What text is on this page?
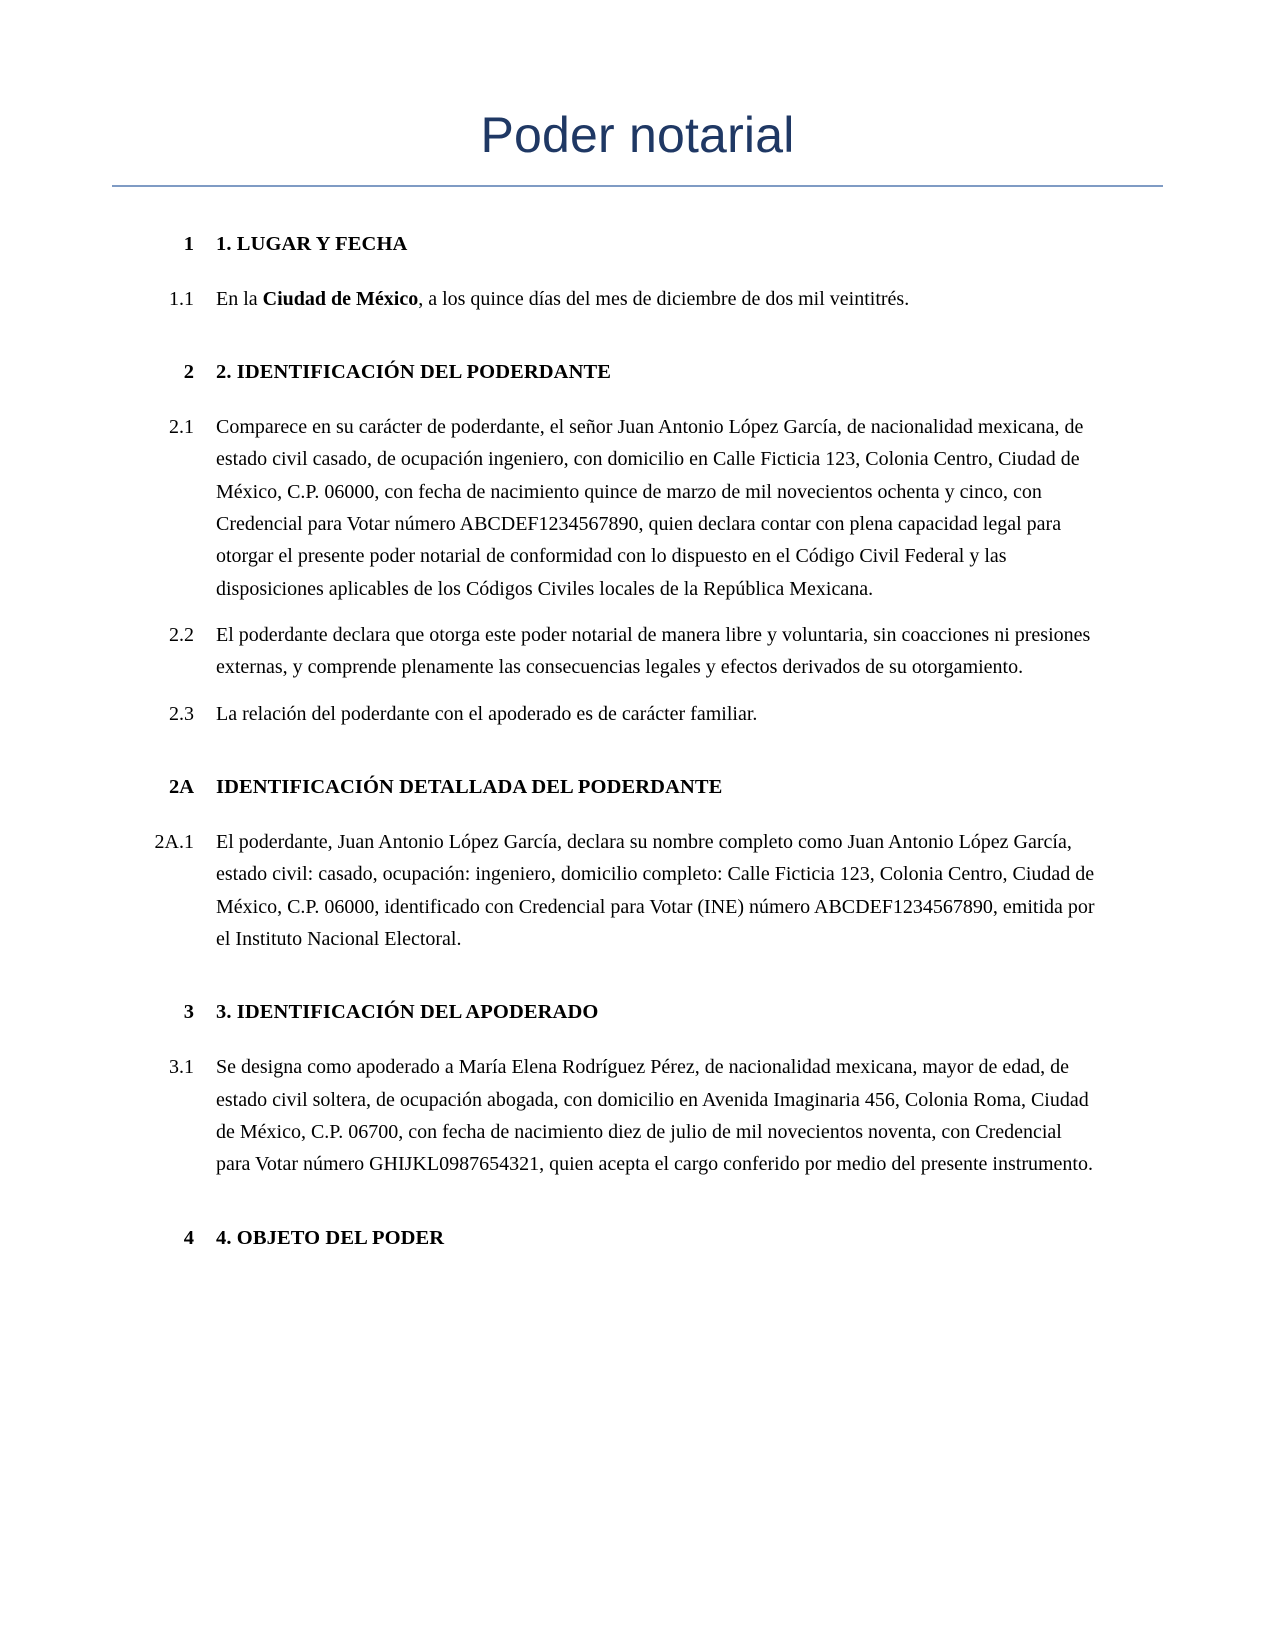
Poder notarial
1 1. LUGAR Y FECHA
1.1 En la Ciudad de México, a los quince días del mes de diciembre de dos mil veintitrés.
2 2. IDENTIFICACIÓN DEL PODERDANTE
2.1 Comparece en su carácter de poderdante, el señor Juan Antonio López García, de nacionalidad mexicana, de estado civil casado, de ocupación ingeniero, con domicilio en Calle Ficticia 123, Colonia Centro, Ciudad de México, C.P. 06000, con fecha de nacimiento quince de marzo de mil novecientos ochenta y cinco, con Credencial para Votar número ABCDEF1234567890, quien declara contar con plena capacidad legal para otorgar el presente poder notarial de conformidad con lo dispuesto en el Código Civil Federal y las disposiciones aplicables de los Códigos Civiles locales de la República Mexicana.
2.2 El poderdante declara que otorga este poder notarial de manera libre y voluntaria, sin coacciones ni presiones externas, y comprende plenamente las consecuencias legales y efectos derivados de su otorgamiento.
2.3 La relación del poderdante con el apoderado es de carácter familiar.
2A IDENTIFICACIÓN DETALLADA DEL PODERDANTE
2A.1 El poderdante, Juan Antonio López García, declara su nombre completo como Juan Antonio López García, estado civil: casado, ocupación: ingeniero, domicilio completo: Calle Ficticia 123, Colonia Centro, Ciudad de México, C.P. 06000, identificado con Credencial para Votar (INE) número ABCDEF1234567890, emitida por el Instituto Nacional Electoral.
3 3. IDENTIFICACIÓN DEL APODERADO
3.1 Se designa como apoderado a María Elena Rodríguez Pérez, de nacionalidad mexicana, mayor de edad, de estado civil soltera, de ocupación abogada, con domicilio en Avenida Imaginaria 456, Colonia Roma, Ciudad de México, C.P. 06700, con fecha de nacimiento diez de julio de mil novecientos noventa, con Credencial para Votar número GHIJKL0987654321, quien acepta el cargo conferido por medio del presente instrumento.
4 4. OBJETO DEL PODER
